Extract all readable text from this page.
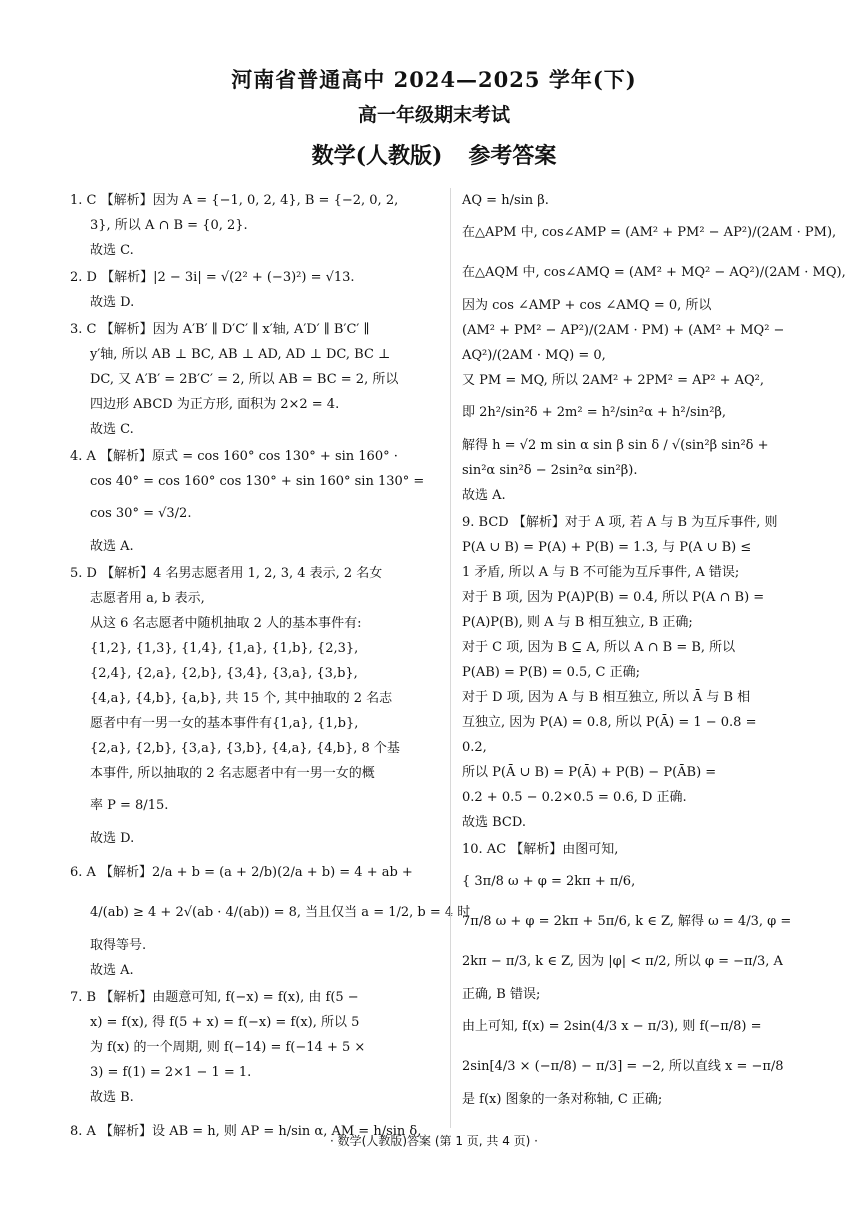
河南省普通高中 2024—2025 学年(下)
高一年级期末考试
数学(人教版) 参考答案
1. C 【解析】因为 A = {−1, 0, 2, 4}, B = {−2, 0, 2,
3}, 所以 A ∩ B = {0, 2}.
故选 C.
2. D 【解析】|2 − 3i| = √(2² + (−3)²) = √13.
故选 D.
3. C 【解析】因为 A′B′ ∥ D′C′ ∥ x′轴, A′D′ ∥ B′C′ ∥
y′轴, 所以 AB ⊥ BC, AB ⊥ AD, AD ⊥ DC, BC ⊥
DC, 又 A′B′ = 2B′C′ = 2, 所以 AB = BC = 2, 所以
四边形 ABCD 为正方形, 面积为 2×2 = 4.
故选 C.
4. A 【解析】原式 = cos 160° cos 130° + sin 160° ·
cos 40° = cos 160° cos 130° + sin 160° sin 130° =
cos 30° = √3/2.
故选 A.
5. D 【解析】4 名男志愿者用 1, 2, 3, 4 表示, 2 名女
志愿者用 a, b 表示,
从这 6 名志愿者中随机抽取 2 人的基本事件有:
{1,2}, {1,3}, {1,4}, {1,a}, {1,b}, {2,3},
{2,4}, {2,a}, {2,b}, {3,4}, {3,a}, {3,b},
{4,a}, {4,b}, {a,b}, 共 15 个, 其中抽取的 2 名志
愿者中有一男一女的基本事件有{1,a}, {1,b},
{2,a}, {2,b}, {3,a}, {3,b}, {4,a}, {4,b}, 8 个基
本事件, 所以抽取的 2 名志愿者中有一男一女的概
率 P = 8/15.
故选 D.
6. A 【解析】2/a + b = (a + 2/b)(2/a + b) = 4 + ab +
4/(ab) ≥ 4 + 2√(ab · 4/(ab)) = 8, 当且仅当 a = 1/2, b = 4 时
取得等号.
故选 A.
7. B 【解析】由题意可知, f(−x) = f(x), 由 f(5 −
x) = f(x), 得 f(5 + x) = f(−x) = f(x), 所以 5
为 f(x) 的一个周期, 则 f(−14) = f(−14 + 5 ×
3) = f(1) = 2×1 − 1 = 1.
故选 B.
8. A 【解析】设 AB = h, 则 AP = h/sin α, AM = h/sin δ,
AQ = h/sin β.
在△APM 中, cos∠AMP = (AM² + PM² − AP²)/(2AM · PM),
在△AQM 中, cos∠AMQ = (AM² + MQ² − AQ²)/(2AM · MQ),
因为 cos ∠AMP + cos ∠AMQ = 0, 所以
(AM² + PM² − AP²)/(2AM · PM) + (AM² + MQ² − AQ²)/(2AM · MQ) = 0,
又 PM = MQ, 所以 2AM² + 2PM² = AP² + AQ²,
即 2h²/sin²δ + 2m² = h²/sin²α + h²/sin²β,
解得 h = √2 m sin α sin β sin δ / √(sin²β sin²δ + sin²α sin²δ − 2sin²α sin²β).
故选 A.
9. BCD 【解析】对于 A 项, 若 A 与 B 为互斥事件, 则
P(A ∪ B) = P(A) + P(B) = 1.3, 与 P(A ∪ B) ≤
1 矛盾, 所以 A 与 B 不可能为互斥事件, A 错误;
对于 B 项, 因为 P(A)P(B) = 0.4, 所以 P(A ∩ B) =
P(A)P(B), 则 A 与 B 相互独立, B 正确;
对于 C 项, 因为 B ⊆ A, 所以 A ∩ B = B, 所以
P(AB) = P(B) = 0.5, C 正确;
对于 D 项, 因为 A 与 B 相互独立, 所以 Ā 与 B 相
互独立, 因为 P(A) = 0.8, 所以 P(Ā) = 1 − 0.8 =
0.2,
所以 P(Ā ∪ B) = P(Ā) + P(B) − P(ĀB) =
0.2 + 0.5 − 0.2×0.5 = 0.6, D 正确.
故选 BCD.
10. AC 【解析】由图可知,
{ 3π/8 ω + φ = 2kπ + π/6,
7π/8 ω + φ = 2kπ + 5π/6, k ∈ Z, 解得 ω = 4/3, φ =
2kπ − π/3, k ∈ Z, 因为 |φ| < π/2, 所以 φ = −π/3, A
正确, B 错误;
由上可知, f(x) = 2sin(4/3 x − π/3), 则 f(−π/8) =
2sin[4/3 × (−π/8) − π/3] = −2, 所以直线 x = −π/8
是 f(x) 图象的一条对称轴, C 正确;
· 数学(人教版)答案 (第 1 页, 共 4 页) ·
